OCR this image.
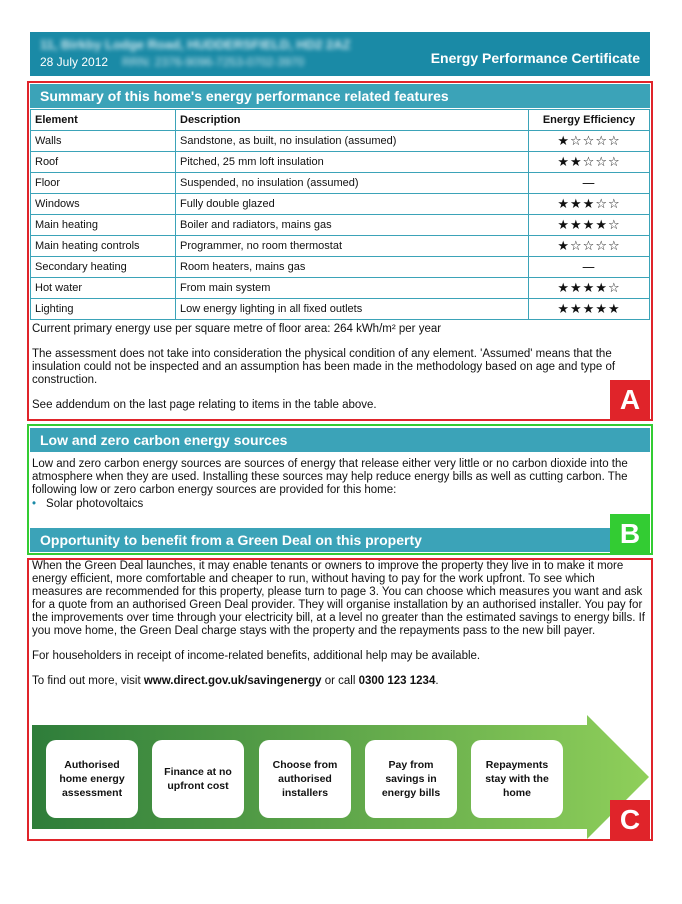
11, Birkby Lodge Road, HUDDERSFIELD, HD2 2AZ
28 July 2012 RRN: 2376-9096-7253-0702-3970	Energy Performance Certificate
Summary of this home's energy performance related features
Element	Description	Energy Efficiency
Walls	Sandstone, as built, no insulation (assumed)	★☆☆☆☆
Roof	Pitched, 25 mm loft insulation	★★☆☆☆
Floor	Suspended, no insulation (assumed)	—
Windows	Fully double glazed	★★★☆☆
Main heating	Boiler and radiators, mains gas	★★★★☆
Main heating controls	Programmer, no room thermostat	★☆☆☆☆
Secondary heating	Room heaters, mains gas	—
Hot water	From main system	★★★★☆
Lighting	Low energy lighting in all fixed outlets	★★★★★

Current primary energy use per square metre of floor area: 264 kWh/m² per year

The assessment does not take into consideration the physical condition of any element. 'Assumed' means that the insulation could not be inspected and an assumption has been made in the methodology based on age and type of construction.

See addendum on the last page relating to items in the table above.

Low and zero carbon energy sources

Low and zero carbon energy sources are sources of energy that release either very little or no carbon dioxide into the atmosphere when they are used. Installing these sources may help reduce energy bills as well as cutting carbon. The following low or zero carbon energy sources are provided for this home:

• Solar photovoltaics
Opportunity to benefit from a Green Deal on this property

When the Green Deal launches, it may enable tenants or owners to improve the property they live in to make it more energy efficient, more comfortable and cheaper to run, without having to pay for the work upfront. To see which measures are recommended for this property, please turn to page 3. You can choose which measures you want and ask for a quote from an authorised Green Deal provider. They will organise installation by an authorised installer. You pay for the improvements over time through your electricity bill, at a level no greater than the estimated savings to energy bills. If you move home, the Green Deal charge stays with the property and the repayments pass to the new bill payer.

For householders in receipt of income-related benefits, additional help may be available.

To find out more, visit www.direct.gov.uk/savingenergy or call 0300 123 1234.

Authorised home energy assessment
Finance at no upfront cost
Choose from authorised installers
Pay from savings in energy bills
Repayments stay with the home
A
B
C
